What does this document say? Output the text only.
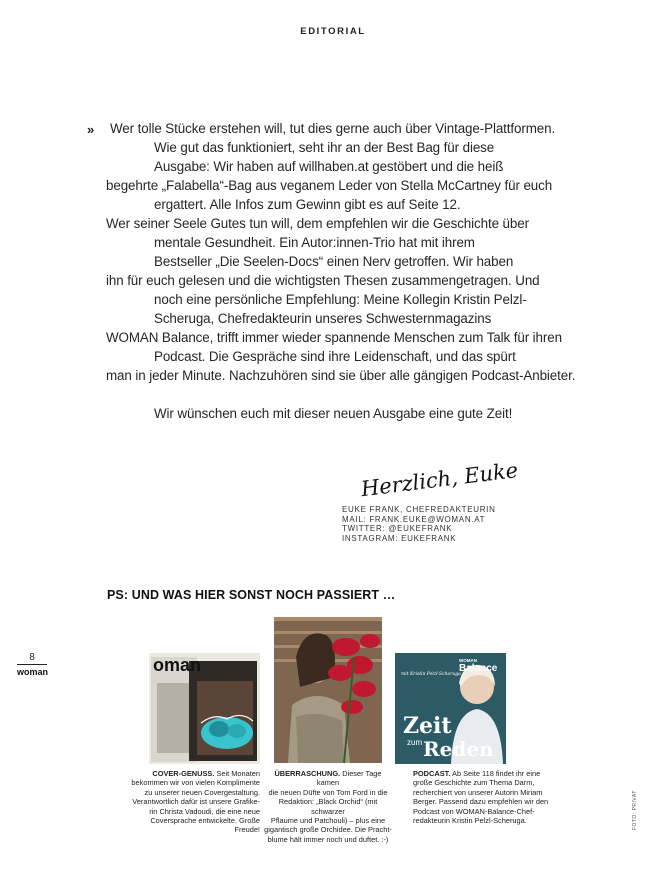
EDITORIAL
» Wer tolle Stücke erstehen will, tut dies gerne auch über Vintage-Plattformen.
Wie gut das funktioniert, seht ihr an der Best Bag für diese
Ausgabe: Wir haben auf willhaben.at gestöbert und die heiß
begehrte „Falabella“-Bag aus veganem Leder von Stella McCartney für euch
ergattert. Alle Infos zum Gewinn gibt es auf Seite 12.
Wer seiner Seele Gutes tun will, dem empfehlen wir die Geschichte über
mentale Gesundheit. Ein Autor:innen-Trio hat mit ihrem
Bestseller „Die Seelen-Docs“ einen Nerv getroffen. Wir haben
ihn für euch gelesen und die wichtigsten Thesen zusammengetragen. Und
noch eine persönliche Empfehlung: Meine Kollegin Kristin Pelzl-
Scheruga, Chefredakteurin unseres Schwesternmagazins
WOMAN Balance, trifft immer wieder spannende Menschen zum Talk für ihren
Podcast. Die Gespräche sind ihre Leidenschaft, und das spürt
man in jeder Minute. Nachzuhören sind sie über alle gängigen Podcast-Anbieter.
Wir wünschen euch mit dieser neuen Ausgabe eine gute Zeit!
Herzlich, Euke
EUKE FRANK, CHEFREDAKTEURIN
MAIL: FRANK.EUKE@WOMAN.AT
TWITTER: @EUKEFRANK
INSTAGRAM: EUKEFRANK
PS: UND WAS HIER SONST NOCH PASSIERT …
8
woman	oman	WOMAN
Balance
mit Kristin Pelzl-Scheruga
Zeit
zum Reden
COVER-GENUSS. Seit Monaten
bekommen wir von vielen Komplimente
zu unserer neuen Covergestaltung.
Verantwortlich dafür ist unsere Grafike-
rin Christa Vadoudi, die eine neue
Coversprache entwickelte. Große Freude!
ÜBERRASCHUNG. Dieser Tage kamen
die neuen Düfte von Tom Ford in die
Redaktion: „Black Orchid“ (mit schwarzer
Pflaume und Patchouli) – plus eine
gigantisch große Orchidee. Die Pracht-
blume hält immer noch und duftet. :-)
PODCAST. Ab Seite 118 findet ihr eine
große Geschichte zum Thema Darm,
recherchiert von unserer Autorin Miriam
Berger. Passend dazu empfehlen wir den
Podcast von WOMAN-Balance-Chef-
redakteurin Kristin Pelzl-Scheruga.	FOTO: PRIVAT
